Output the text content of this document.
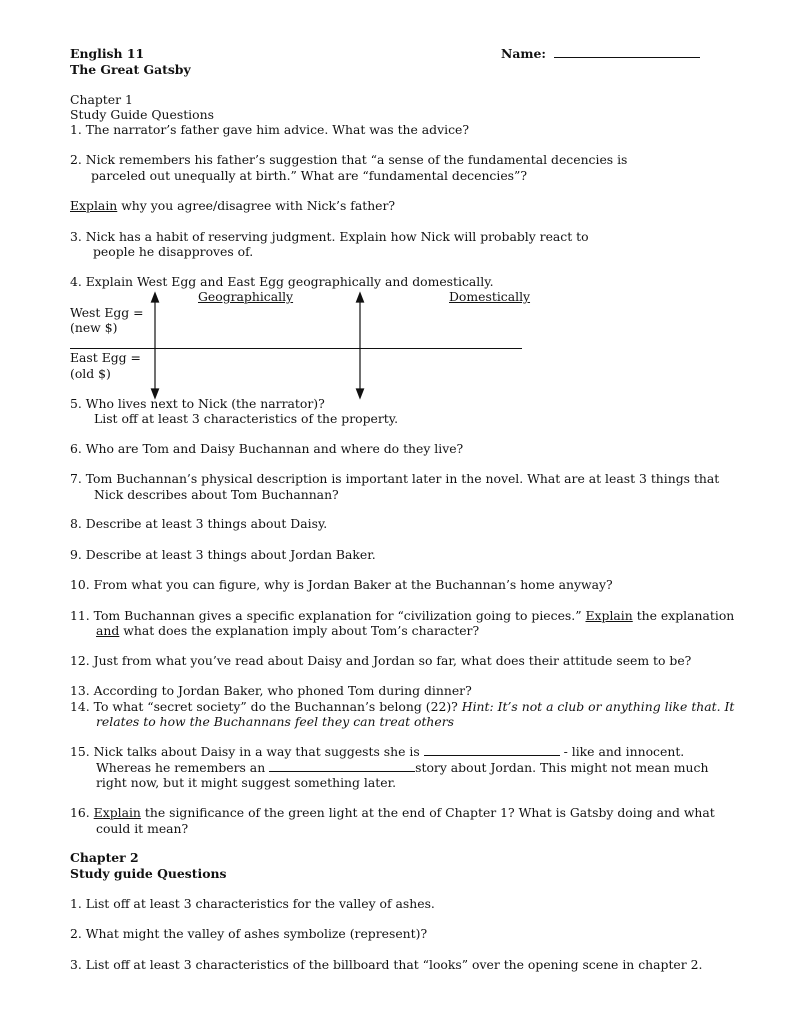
English 11
The Great Gatsby
Name:
Chapter 1
Study Guide Questions
1. The narrator’s father gave him advice. What was the advice?
2. Nick remembers his father’s suggestion that “a sense of the fundamental decencies is
parceled out unequally at birth.” What are “fundamental decencies”?
Explain why you agree/disagree with Nick’s father?
3. Nick has a habit of reserving judgment. Explain how Nick will probably react to
people he disapproves of.
4. Explain West Egg and East Egg geographically and domestically.
Geographically	Domestically
West Egg =
(new $)
East Egg =
(old $)
5. Who lives next to Nick (the narrator)?
List off at least 3 characteristics of the property.
6. Who are Tom and Daisy Buchannan and where do they live?
7. Tom Buchannan’s physical description is important later in the novel. What are at least 3 things that
Nick describes about Tom Buchannan?
8. Describe at least 3 things about Daisy.
9. Describe at least 3 things about Jordan Baker.
10. From what you can figure, why is Jordan Baker at the Buchannan’s home anyway?
11. Tom Buchannan gives a specific explanation for “civilization going to pieces.” Explain the explanation
and what does the explanation imply about Tom’s character?
12. Just from what you’ve read about Daisy and Jordan so far, what does their attitude seem to be?
13. According to Jordan Baker, who phoned Tom during dinner?
14. To what “secret society” do the Buchannan’s belong (22)? Hint: It’s not a club or anything like that. It
relates to how the Buchannans feel they can treat others
15. Nick talks about Daisy in a way that suggests she is	- like and innocent.
Whereas he remembers an	story about Jordan. This might not mean much
right now, but it might suggest something later.
16. Explain the significance of the green light at the end of Chapter 1? What is Gatsby doing and what
could it mean?
Chapter 2
Study guide Questions
1. List off at least 3 characteristics for the valley of ashes.
2. What might the valley of ashes symbolize (represent)?
3. List off at least 3 characteristics of the billboard that “looks” over the opening scene in chapter 2.
